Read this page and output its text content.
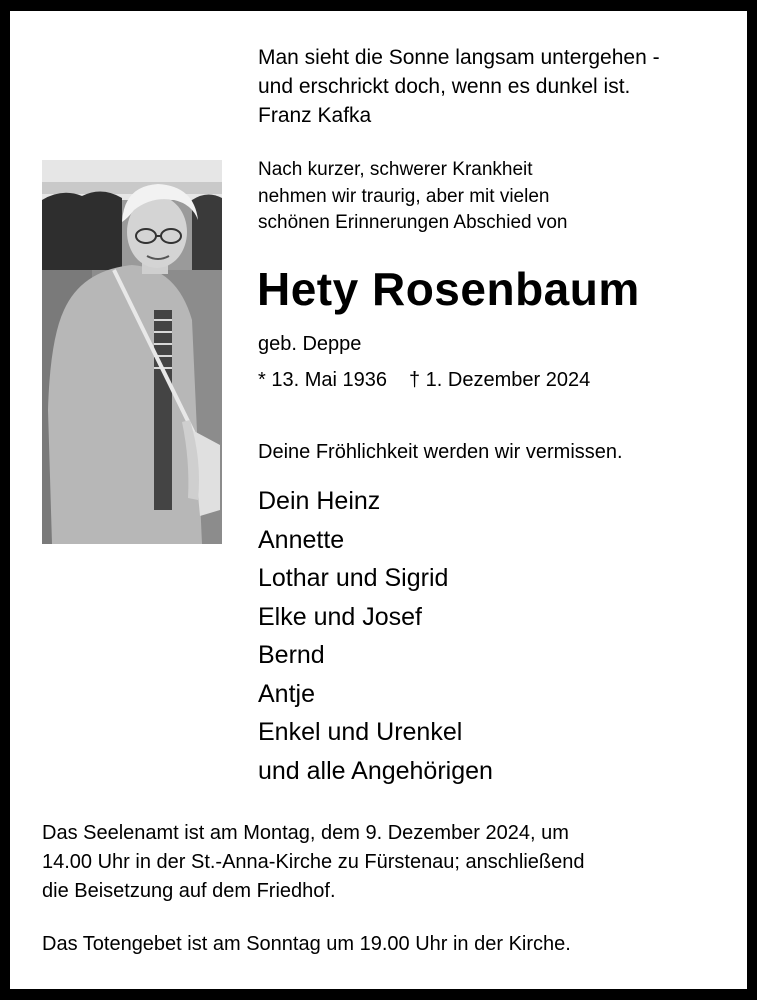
Man sieht die Sonne langsam untergehen -
und erschrickt doch, wenn es dunkel ist.
Franz Kafka
Nach kurzer, schwerer Krankheit
nehmen wir traurig, aber mit vielen
schönen Erinnerungen Abschied von
Hety Rosenbaum
geb. Deppe
* 13. Mai 1936 † 1. Dezember 2024
Deine Fröhlichkeit werden wir vermissen.
Dein Heinz
Annette
Lothar und Sigrid
Elke und Josef
Bernd
Antje
Enkel und Urenkel
und alle Angehörigen
Das Seelenamt ist am Montag, dem 9. Dezember 2024, um
14.00 Uhr in der St.-Anna-Kirche zu Fürstenau; anschließend
die Beisetzung auf dem Friedhof.
Das Totengebet ist am Sonntag um 19.00 Uhr in der Kirche.
